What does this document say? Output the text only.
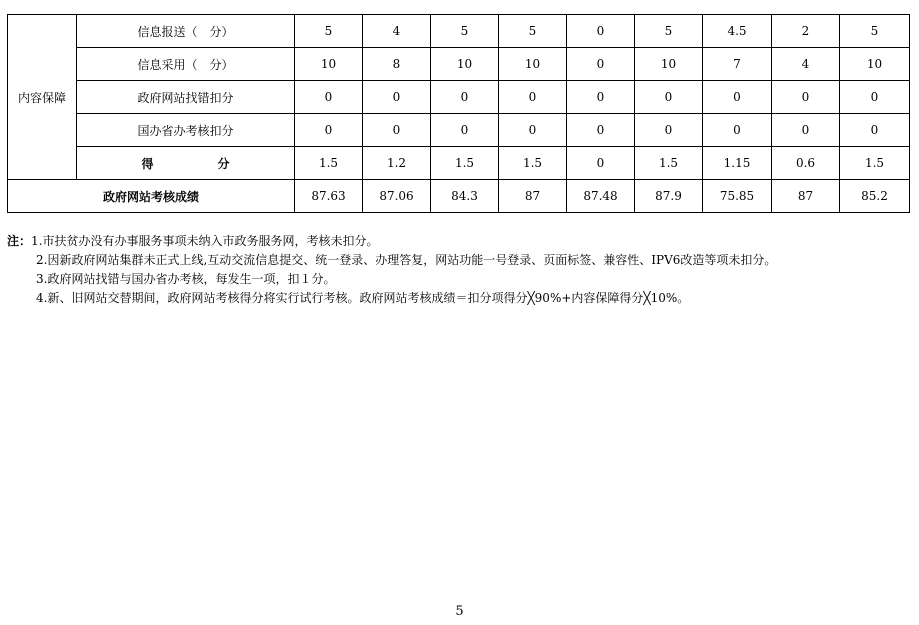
内容保障	信息报送（　分）	5	4	5	5	0	5	4.5	2	5
	信息采用（　分）	10	8	10	10	0	10	7	4	10
	政府网站找错扣分	0	0	0	0	0	0	0	0	0
	国办省办考核扣分	0	0	0	0	0	0	0	0	0
	得 分	1.5	1.2	1.5	1.5	0	1.5	1.15	0.6	1.5
政府网站考核成绩		87.63	87.06	84.3	87	87.48	87.9	75.85	87	85.2
注：1.市扶贫办没有办事服务事项未纳入市政务服务网，考核未扣分。
2.因新政府网站集群未正式上线,互动交流信息提交、统一登录、办理答复，网站功能一号登录、页面标签、兼容性、IPV6改造等项未扣分。
3.政府网站找错与国办省办考核，每发生一项，扣１分。
4.新、旧网站交替期间，政府网站考核得分将实行试行考核。政府网站考核成绩＝扣分项得分╳90%+内容保障得分╳10%。
5
